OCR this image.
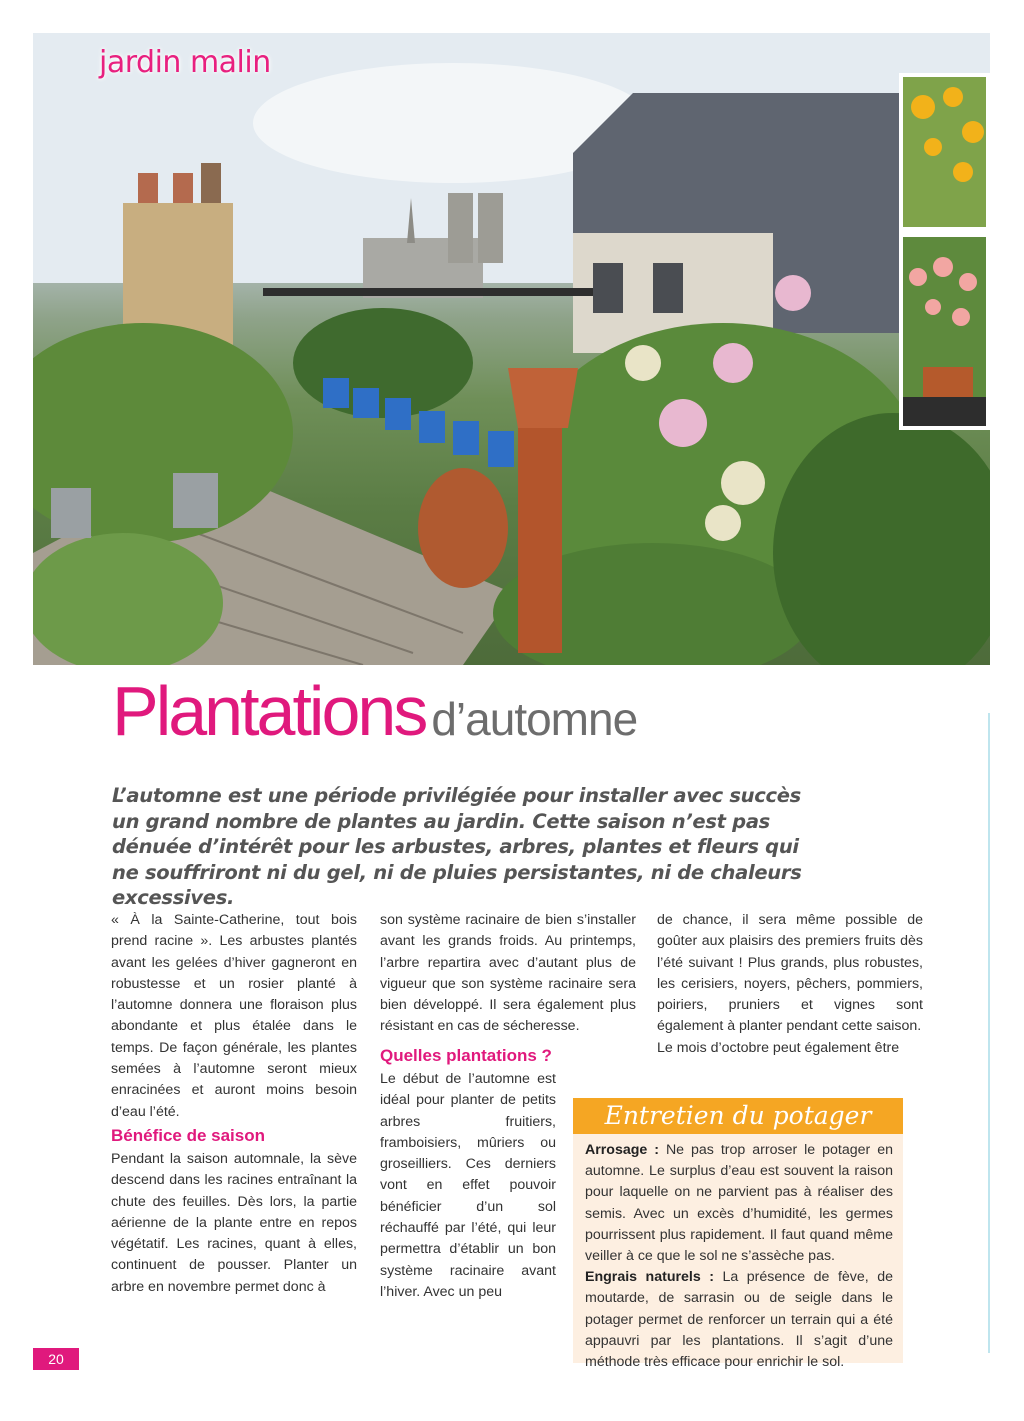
jardin malin
Plantations d’automne

L’automne est une période privilégiée pour installer avec succès un grand nombre de plantes au jardin. Cette saison n’est pas dénuée d’intérêt pour les arbustes, arbres, plantes et fleurs qui ne souffriront ni du gel, ni de pluies persistantes, ni de chaleurs excessives.

« À la Sainte-Catherine, tout bois prend racine ». Les arbustes plantés avant les gelées d’hiver gagneront en robustesse et un rosier planté à l’automne donnera une floraison plus abondante et plus étalée dans le temps. De façon générale, les plantes semées à l’automne seront mieux enracinées et auront moins besoin d’eau l’été.

Bénéfice de saison

Pendant la saison automnale, la sève descend dans les racines entraînant la chute des feuilles. Dès lors, la partie aérienne de la plante entre en repos végétatif. Les racines, quant à elles, continuent de pousser. Planter un arbre en novembre permet donc à

son système racinaire de bien s’installer avant les grands froids. Au printemps, l’arbre repartira avec d’autant plus de vigueur que son système racinaire sera bien développé. Il sera également plus résistant en cas de sécheresse.

Quelles plantations ?

Le début de l’automne est idéal pour planter de petits arbres fruitiers, framboisiers, mûriers ou groseilliers. Ces derniers vont en effet pouvoir bénéficier d’un sol réchauffé par l’été, qui leur permettra d’établir un bon système racinaire avant l’hiver. Avec un peu

de chance, il sera même possible de goûter aux plaisirs des premiers fruits dès l’été suivant ! Plus grands, plus robustes, les cerisiers, noyers, pêchers, pommiers, poiriers, pruniers et vignes sont également à planter pendant cette saison.

Le mois d’octobre peut également être

Entretien du potager

Arrosage : Ne pas trop arroser le potager en automne. Le surplus d’eau est souvent la raison pour laquelle on ne parvient pas à réaliser des semis. Avec un excès d’humidité, les germes pourrissent plus rapidement. Il faut quand même veiller à ce que le sol ne s’assèche pas.

Engrais naturels : La présence de fève, de moutarde, de sarrasin ou de seigle dans le potager permet de renforcer un terrain qui a été appauvri par les plantations. Il s’agit d’une méthode très efficace pour enrichir le sol.

20
